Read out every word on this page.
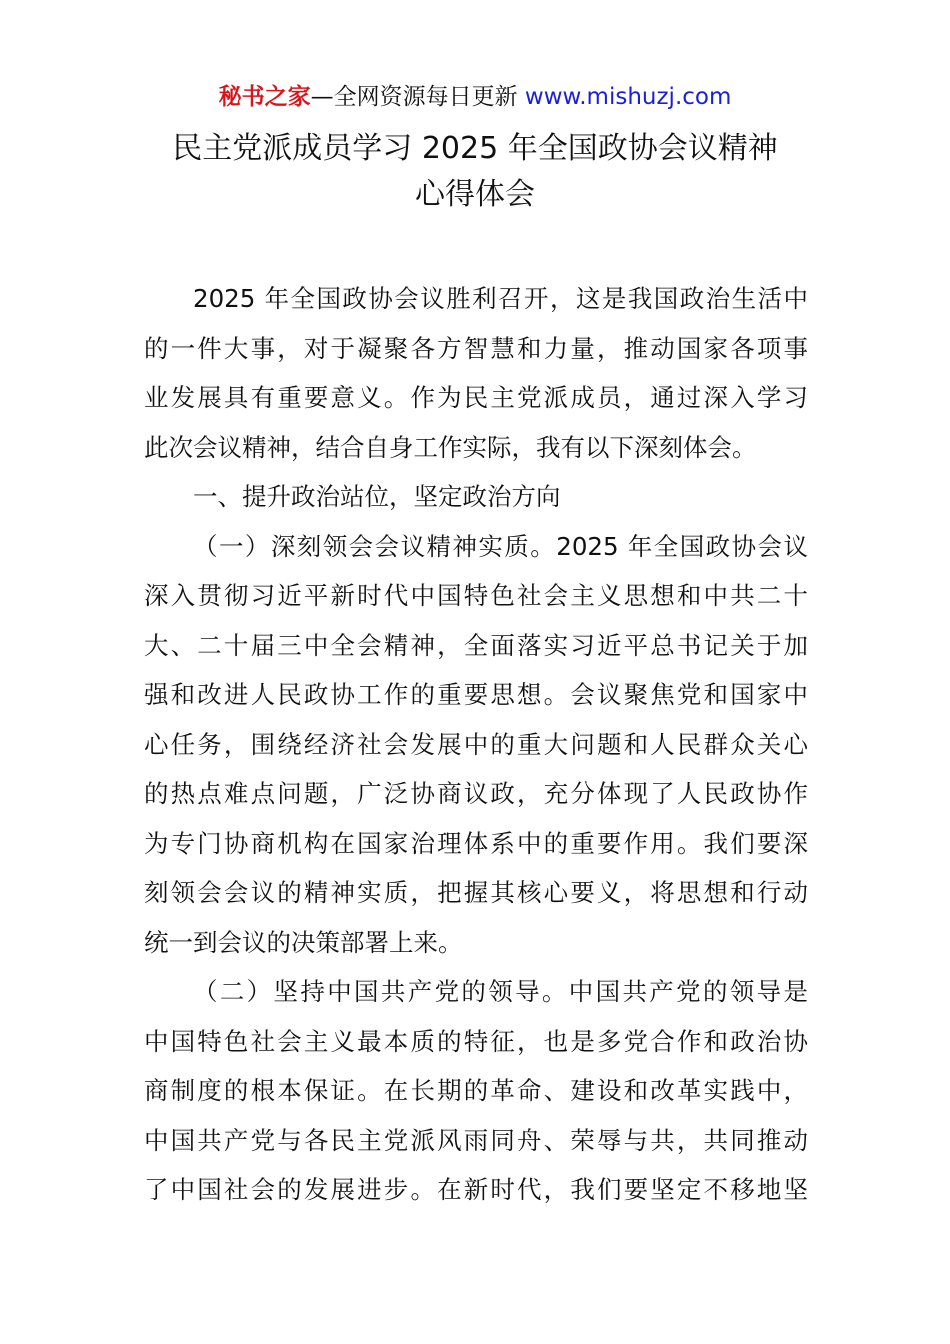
秘书之家—全网资源每日更新 www.mishuzj.com
民主党派成员学习 2025 年全国政协会议精神
心得体会
2025 年全国政协会议胜利召开，这是我国政治生活中
的一件大事，对于凝聚各方智慧和力量，推动国家各项事
业发展具有重要意义。作为民主党派成员，通过深入学习
此次会议精神，结合自身工作实际，我有以下深刻体会。
一、提升政治站位，坚定政治方向
（一）深刻领会会议精神实质。2025 年全国政协会议
深入贯彻习近平新时代中国特色社会主义思想和中共二十
大、二十届三中全会精神，全面落实习近平总书记关于加
强和改进人民政协工作的重要思想。会议聚焦党和国家中
心任务，围绕经济社会发展中的重大问题和人民群众关心
的热点难点问题，广泛协商议政，充分体现了人民政协作
为专门协商机构在国家治理体系中的重要作用。我们要深
刻领会会议的精神实质，把握其核心要义，将思想和行动
统一到会议的决策部署上来。
（二）坚持中国共产党的领导。中国共产党的领导是
中国特色社会主义最本质的特征，也是多党合作和政治协
商制度的根本保证。在长期的革命、建设和改革实践中，
中国共产党与各民主党派风雨同舟、荣辱与共，共同推动
了中国社会的发展进步。在新时代，我们要坚定不移地坚
